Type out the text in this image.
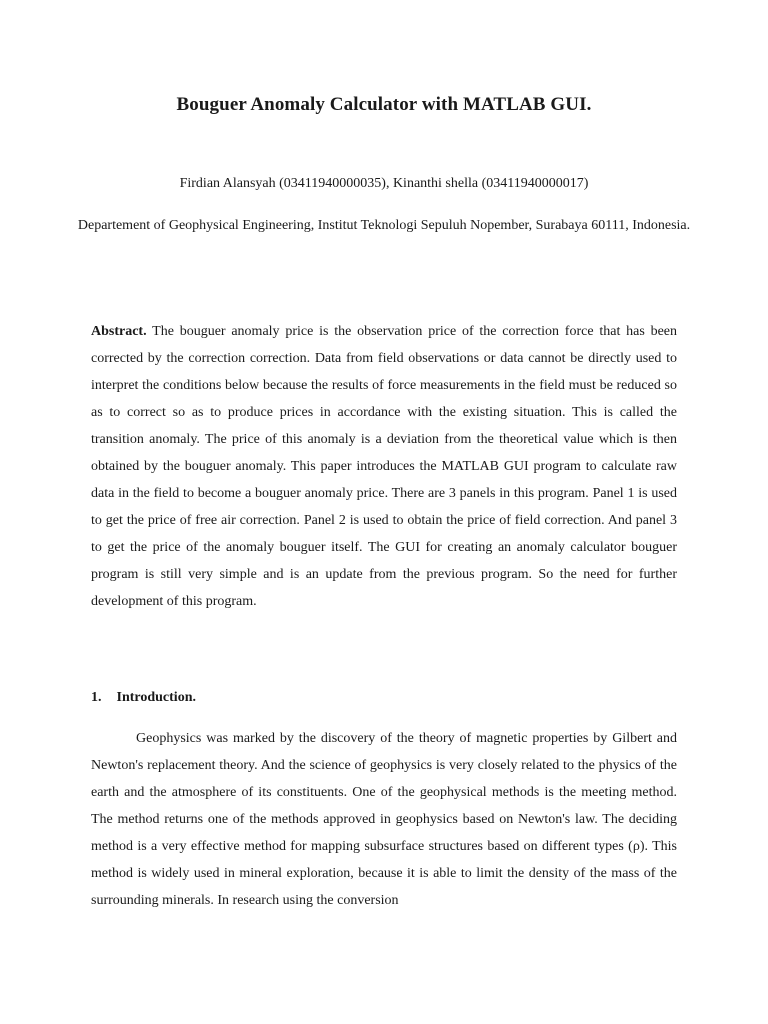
Bouguer Anomaly Calculator with MATLAB GUI.
Firdian Alansyah (03411940000035), Kinanthi shella (03411940000017)
Departement of Geophysical Engineering, Institut Teknologi Sepuluh Nopember, Surabaya 60111, Indonesia.
Abstract. The bouguer anomaly price is the observation price of the correction force that has been corrected by the correction correction. Data from field observations or data cannot be directly used to interpret the conditions below because the results of force measurements in the field must be reduced so as to correct so as to produce prices in accordance with the existing situation. This is called the transition anomaly. The price of this anomaly is a deviation from the theoretical value which is then obtained by the bouguer anomaly. This paper introduces the MATLAB GUI program to calculate raw data in the field to become a bouguer anomaly price. There are 3 panels in this program. Panel 1 is used to get the price of free air correction. Panel 2 is used to obtain the price of field correction. And panel 3 to get the price of the anomaly bouguer itself. The GUI for creating an anomaly calculator bouguer program is still very simple and is an update from the previous program. So the need for further development of this program.
1. Introduction.
Geophysics was marked by the discovery of the theory of magnetic properties by Gilbert and Newton's replacement theory. And the science of geophysics is very closely related to the physics of the earth and the atmosphere of its constituents. One of the geophysical methods is the meeting method. The method returns one of the methods approved in geophysics based on Newton's law. The deciding method is a very effective method for mapping subsurface structures based on different types (ρ). This method is widely used in mineral exploration, because it is able to limit the density of the mass of the surrounding minerals. In research using the conversion
